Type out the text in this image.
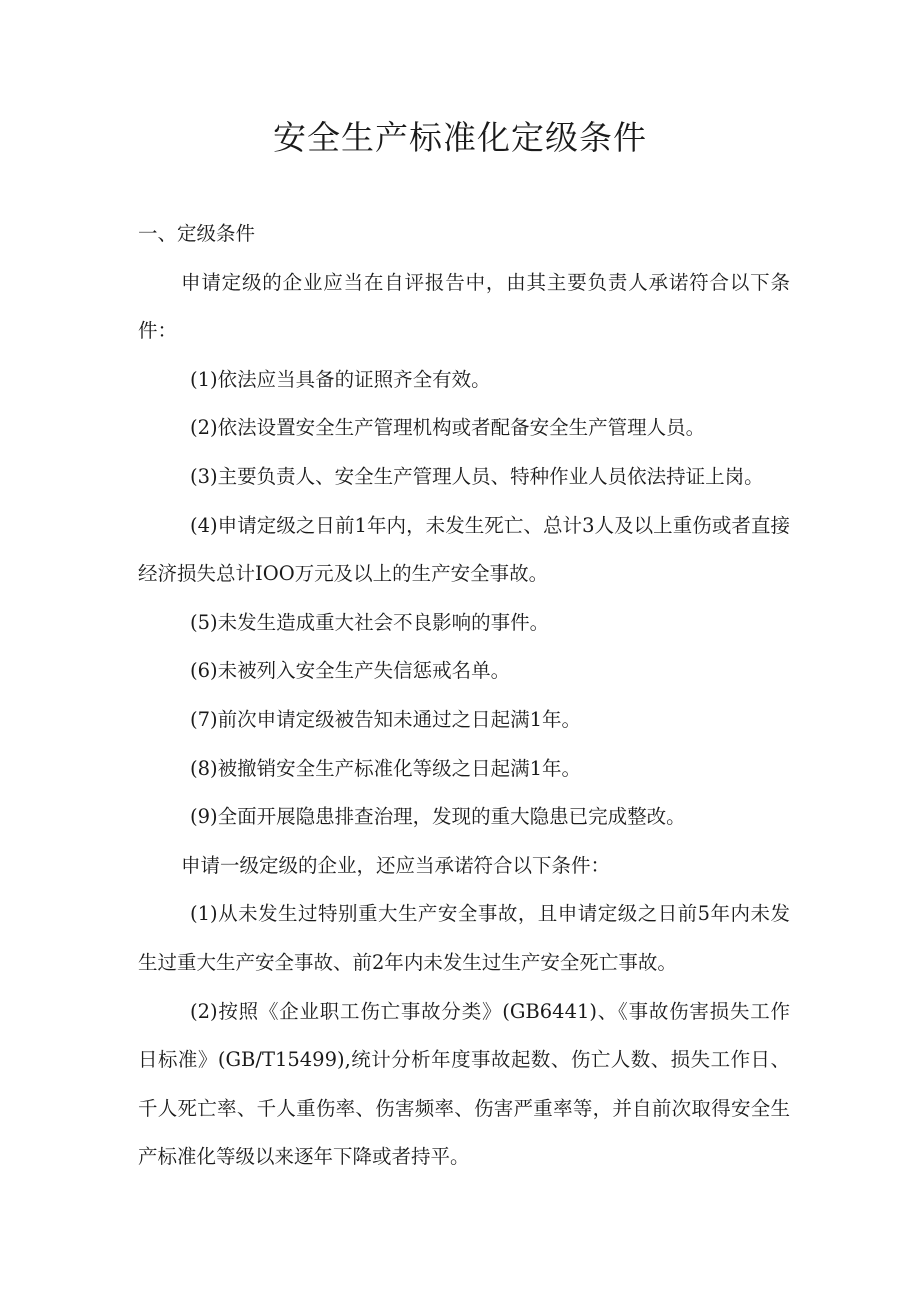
安全生产标准化定级条件

一、定级条件

申请定级的企业应当在自评报告中，由其主要负责人承诺符合以下条件：

(1)依法应当具备的证照齐全有效。

(2)依法设置安全生产管理机构或者配备安全生产管理人员。

(3)主要负责人、安全生产管理人员、特种作业人员依法持证上岗。

(4)申请定级之日前1年内，未发生死亡、总计3人及以上重伤或者直接经济损失总计IOO万元及以上的生产安全事故。

(5)未发生造成重大社会不良影响的事件。

(6)未被列入安全生产失信惩戒名单。

(7)前次申请定级被告知未通过之日起满1年。

(8)被撤销安全生产标准化等级之日起满1年。

(9)全面开展隐患排查治理，发现的重大隐患已完成整改。

申请一级定级的企业，还应当承诺符合以下条件：

(1)从未发生过特别重大生产安全事故，且申请定级之日前5年内未发生过重大生产安全事故、前2年内未发生过生产安全死亡事故。

(2)按照《企业职工伤亡事故分类》(GB6441)、《事故伤害损失工作日标准》(GB/T15499),统计分析年度事故起数、伤亡人数、损失工作日、千人死亡率、千人重伤率、伤害频率、伤害严重率等，并自前次取得安全生产标准化等级以来逐年下降或者持平。
